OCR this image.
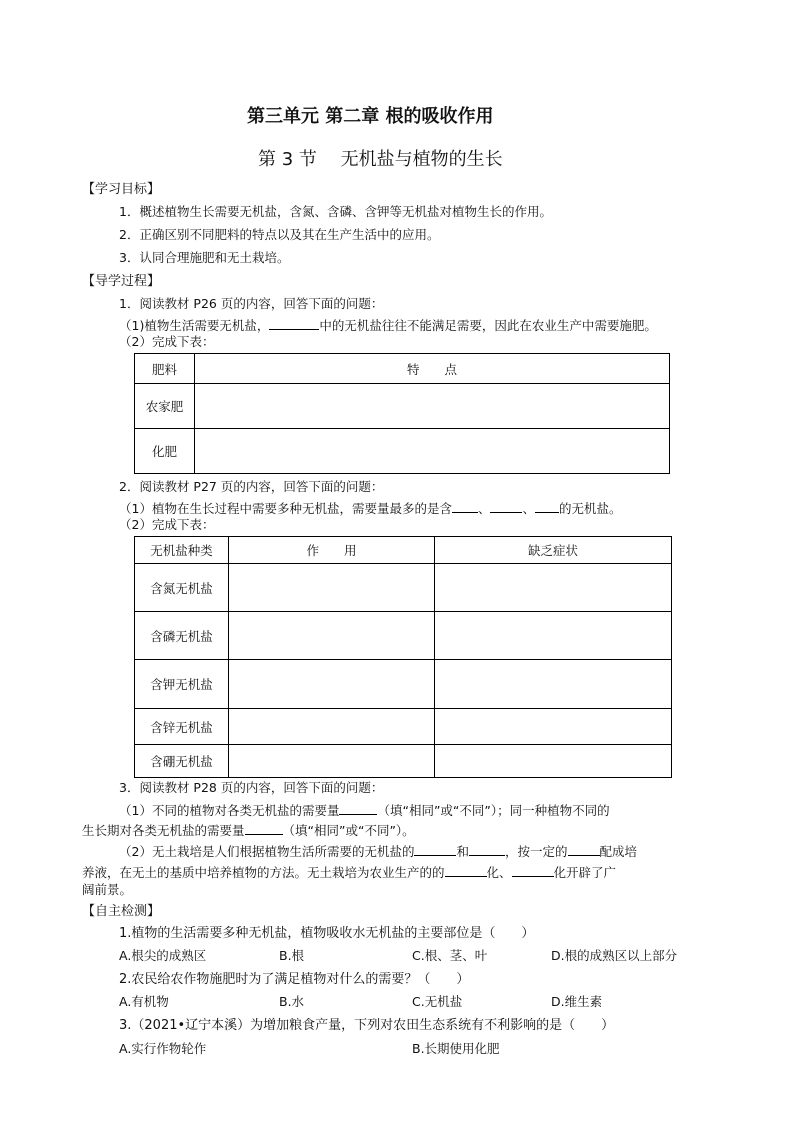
第三单元 第二章 根的吸收作用
第 3 节　 无机盐与植物的生长
【学习目标】
1．概述植物生长需要无机盐，含氮、含磷、含钾等无机盐对植物生长的作用。
2．正确区别不同肥料的特点以及其在生产生活中的应用。
3．认同合理施肥和无土栽培。
【导学过程】
1．阅读教材 P26 页的内容，回答下面的问题：
（1)植物生活需要无机盐，	中的无机盐往往不能满足需要，因此在农业生产中需要施肥。
（2）完成下表：
肥料	特　　点
农家肥	
化肥	
2．阅读教材 P27 页的内容，回答下面的问题：
（1）植物在生长过程中需要多种无机盐，需要量最多的是含 、	、 的无机盐。
（2）完成下表：
无机盐种类	作　　用	缺乏症状
含氮无机盐		
含磷无机盐		
含钾无机盐		
含锌无机盐		
含硼无机盐		
3．阅读教材 P28 页的内容，回答下面的问题：
（1）不同的植物对各类无机盐的需要量	（填“相同”或“不同”）；同一种植物不同的
生长期对各类无机盐的需要量	（填“相同”或“不同”）。
（2）无土栽培是人们根据植物生活所需要的无机盐的	和	，按一定的	配成培
养液，在无土的基质中培养植物的方法。无土栽培为农业生产的的	化、	化开辟了广
阔前景。
【自主检测】
1.植物的生活需要多种无机盐，植物吸收水无机盐的主要部位是（　　）
A.根尖的成熟区	B.根	C.根、茎、叶	D.根的成熟区以上部分
2.农民给农作物施肥时为了满足植物对什么的需要？（　　）
A.有机物	B.水	C.无机盐	D.维生素
3.（2021•辽宁本溪）为增加粮食产量，下列对农田生态系统有不利影响的是（　　）
A.实行作物轮作	B.长期使用化肥
